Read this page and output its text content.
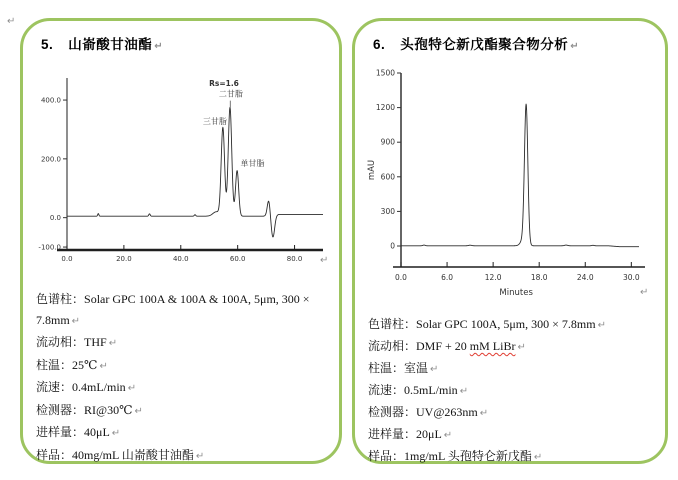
↵
5. 山嵛酸甘油酯 ↵
-100.0
0.0
200.0
400.0
0.0	20.0	40.0	60.0	80.0
Rs=1.6
二甘脂
三甘脂
单甘脂
↵
色谱柱：Solar GPC 100A & 100A & 100A, 5μm, 300 ×
7.8mm ↵
流动相：THF ↵
柱温：25℃ ↵
流速：0.4mL/min ↵
检测器：RI@30℃ ↵
进样量：40μL ↵
样品：40mg/mL 山嵛酸甘油酯 ↵
6. 头孢特仑新戊酯聚合物分析 ↵
0
300
600
900
1200
1500
0.0	6.0	12.0	18.0	24.0	30.0
Minutes
mAU
↵
色谱柱：Solar GPC 100A, 5μm, 300 × 7.8mm ↵
流动相：DMF + 20 mM LiBr ↵
柱温：室温 ↵
流速：0.5mL/min ↵
检测器：UV@263nm ↵
进样量：20μL ↵
样品：1mg/mL 头孢特仑新戊酯 ↵
